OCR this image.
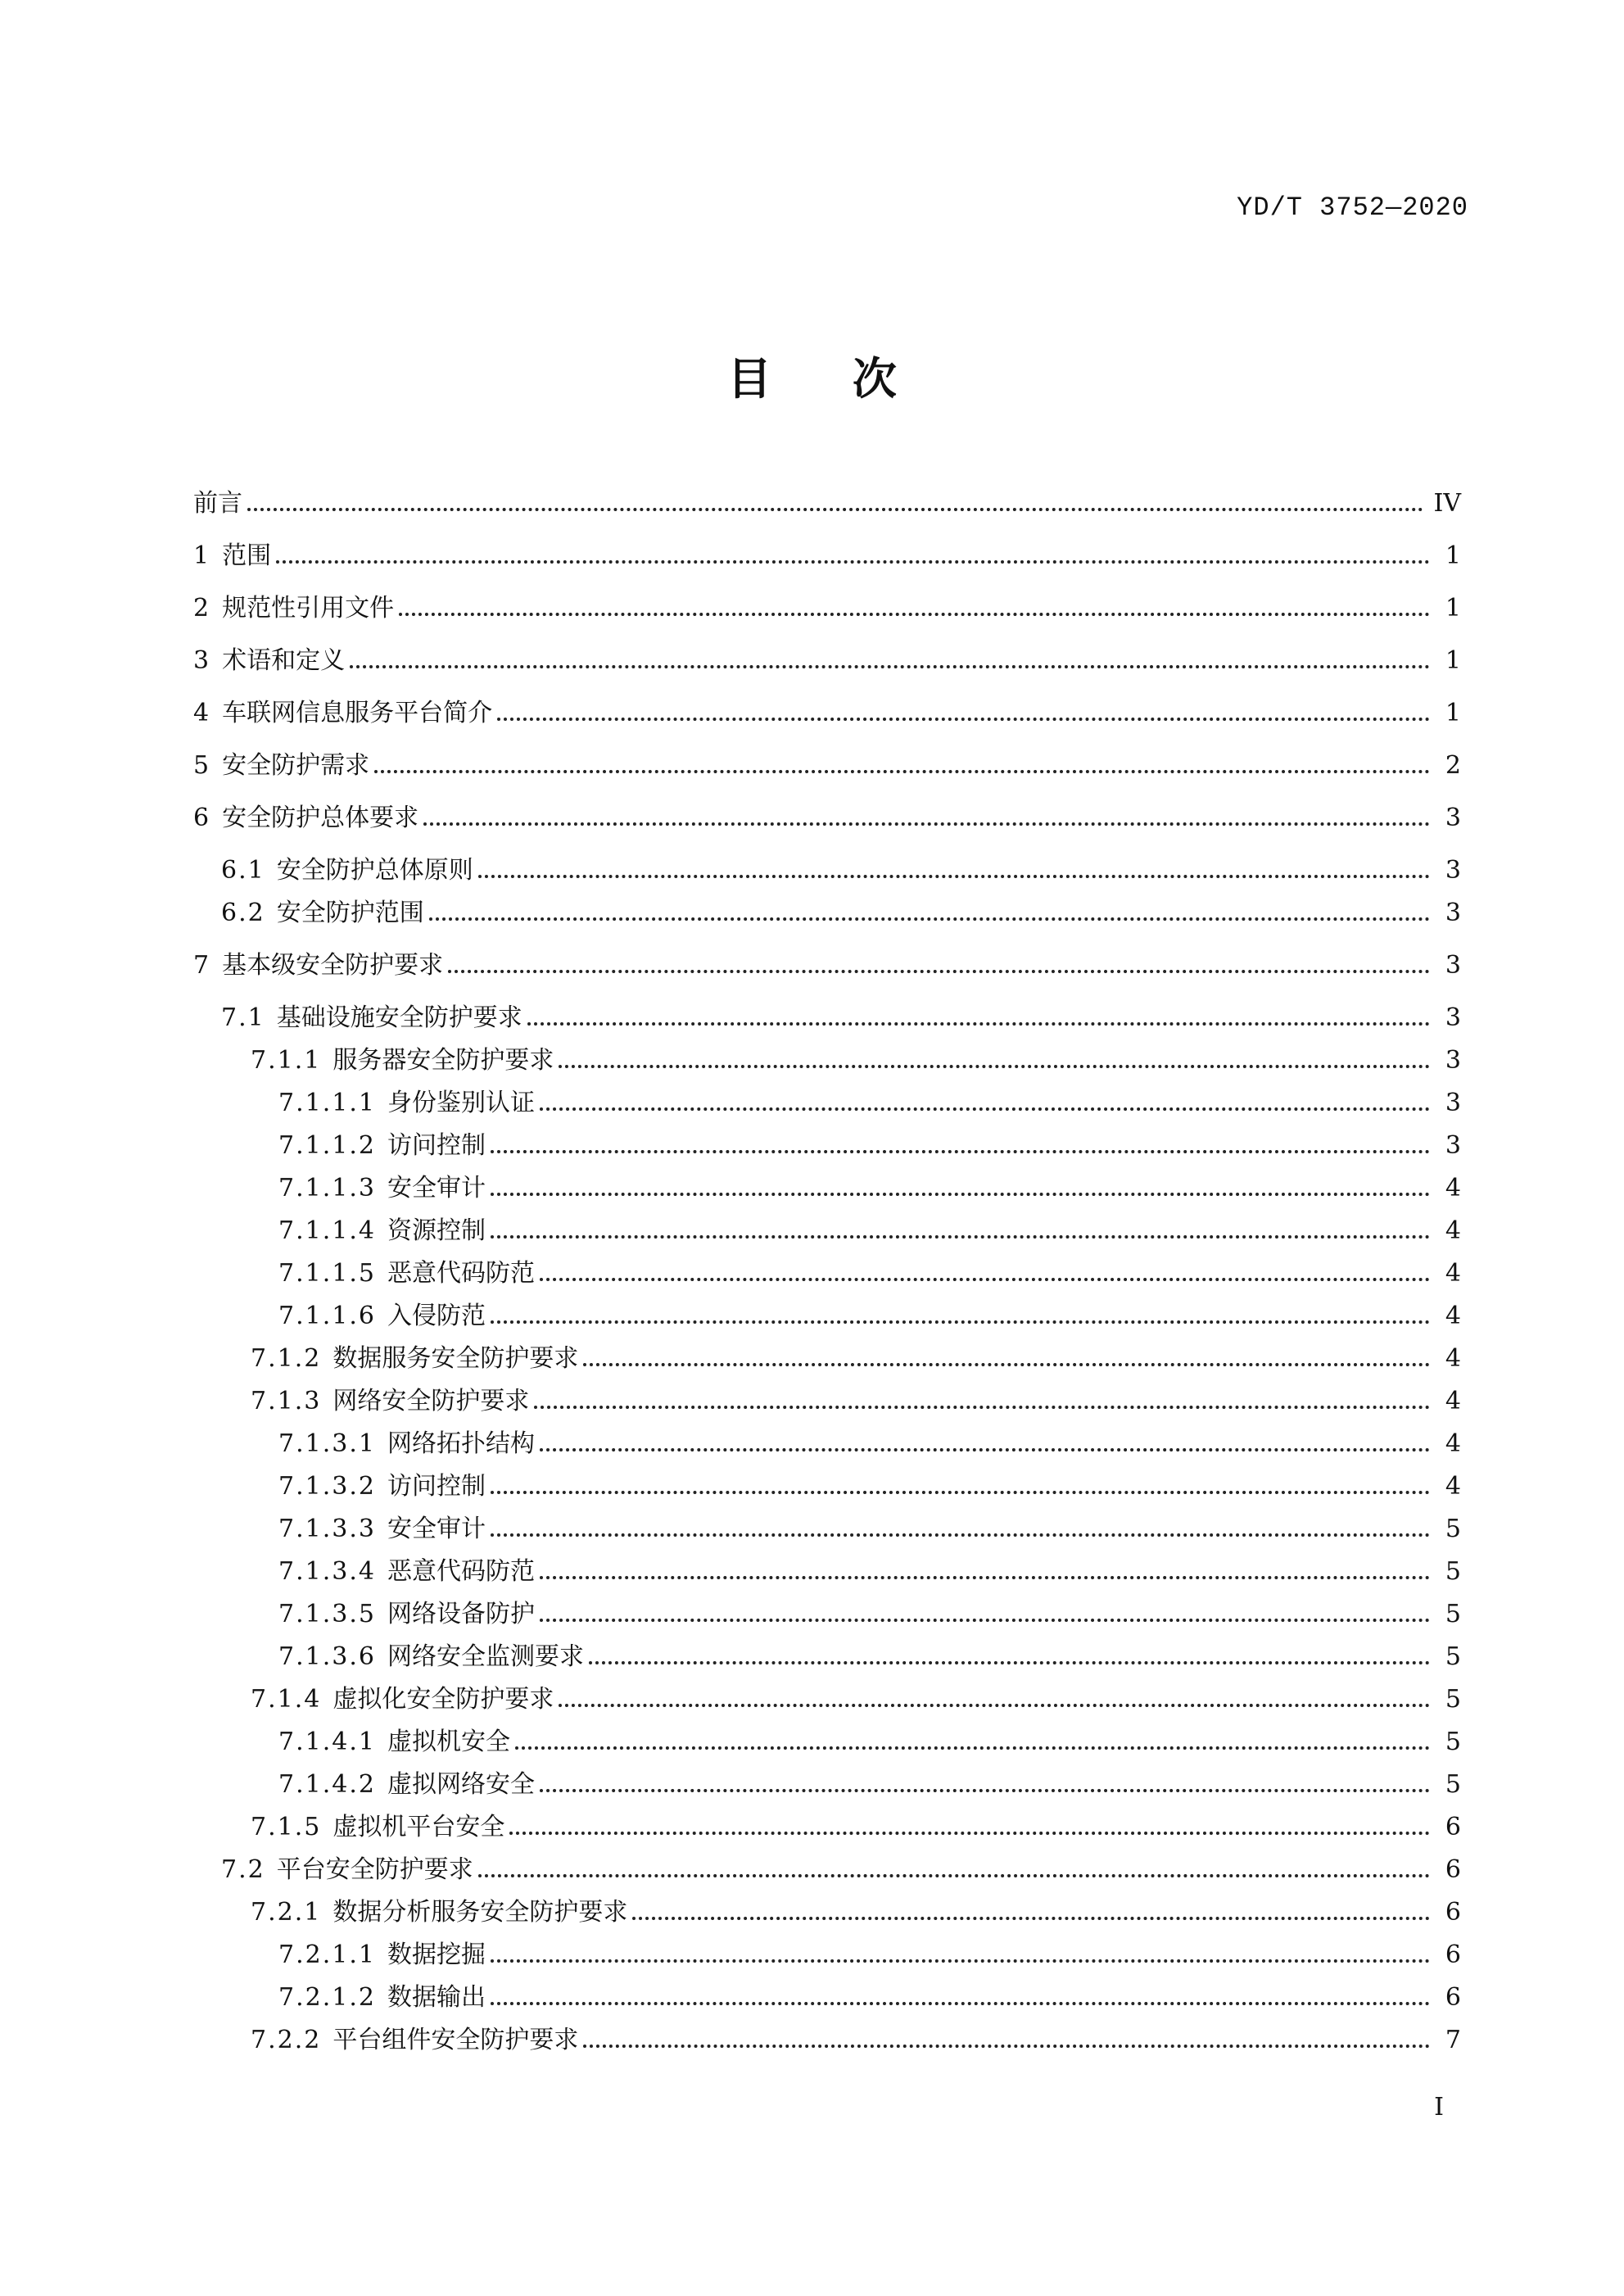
YD/T 3752—2020
目 次
前言	IV
1 范围	1
2 规范性引用文件	1
3 术语和定义	1
4 车联网信息服务平台简介	1
5 安全防护需求	2
6 安全防护总体要求	3
6.1 安全防护总体原则	3
6.2 安全防护范围	3
7 基本级安全防护要求	3
7.1 基础设施安全防护要求	3
7.1.1 服务器安全防护要求	3
7.1.1.1 身份鉴别认证	3
7.1.1.2 访问控制	3
7.1.1.3 安全审计	4
7.1.1.4 资源控制	4
7.1.1.5 恶意代码防范	4
7.1.1.6 入侵防范	4
7.1.2 数据服务安全防护要求	4
7.1.3 网络安全防护要求	4
7.1.3.1 网络拓扑结构	4
7.1.3.2 访问控制	4
7.1.3.3 安全审计	5
7.1.3.4 恶意代码防范	5
7.1.3.5 网络设备防护	5
7.1.3.6 网络安全监测要求	5
7.1.4 虚拟化安全防护要求	5
7.1.4.1 虚拟机安全	5
7.1.4.2 虚拟网络安全	5
7.1.5 虚拟机平台安全	6
7.2 平台安全防护要求	6
7.2.1 数据分析服务安全防护要求	6
7.2.1.1 数据挖掘	6
7.2.1.2 数据输出	6
7.2.2 平台组件安全防护要求	7
I
